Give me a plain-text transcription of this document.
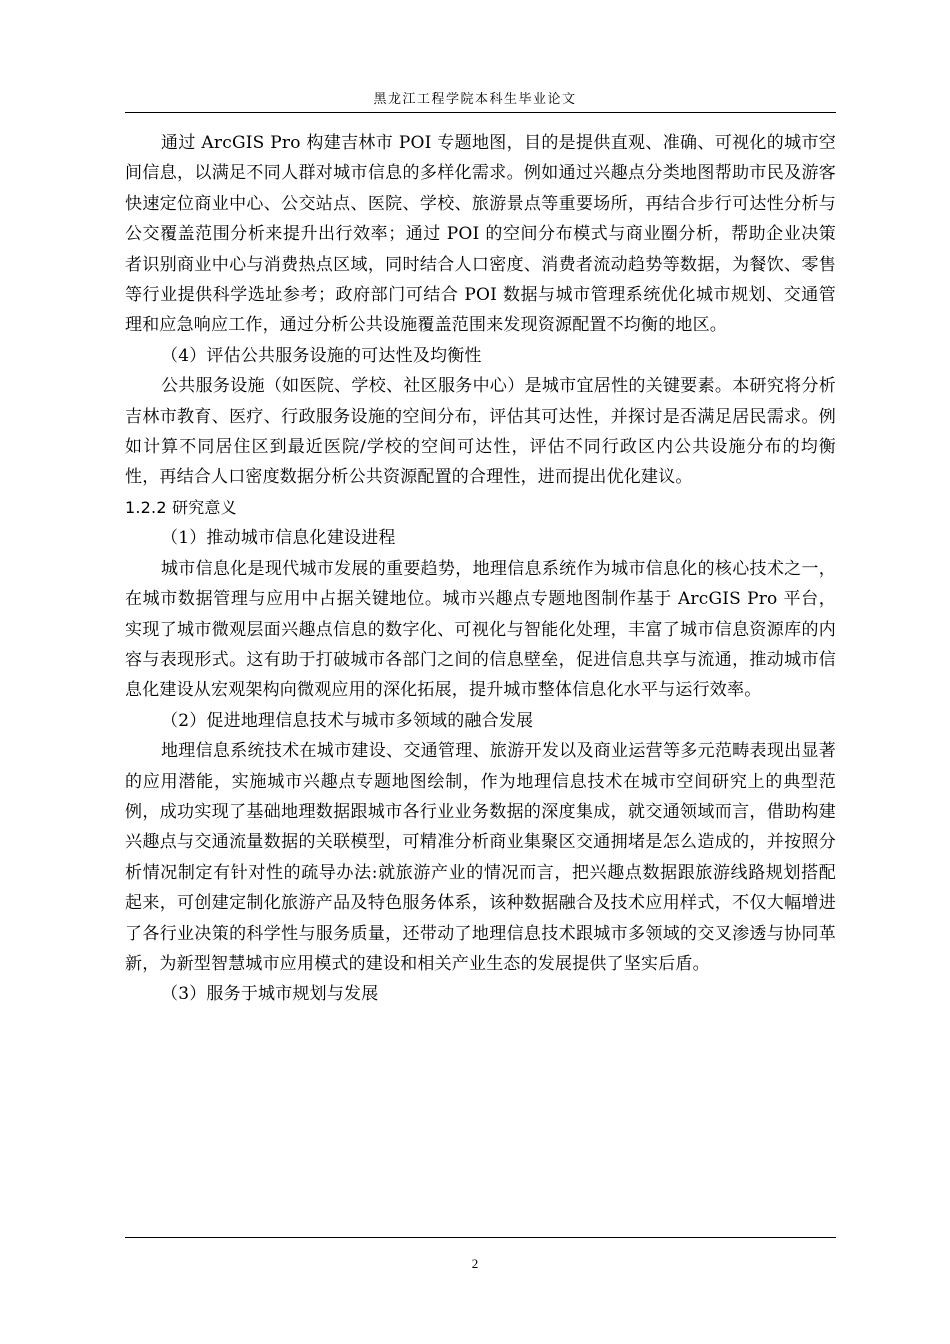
黑龙江工程学院本科生毕业论文

通过 ArcGIS Pro 构建吉林市 POI 专题地图，目的是提供直观、准确、可视化的城市空间信息，以满足不同人群对城市信息的多样化需求。例如通过兴趣点分类地图帮助市民及游客快速定位商业中心、公交站点、医院、学校、旅游景点等重要场所，再结合步行可达性分析与公交覆盖范围分析来提升出行效率；通过 POI 的空间分布模式与商业圈分析，帮助企业决策者识别商业中心与消费热点区域，同时结合人口密度、消费者流动趋势等数据，为餐饮、零售等行业提供科学选址参考；政府部门可结合 POI 数据与城市管理系统优化城市规划、交通管理和应急响应工作，通过分析公共设施覆盖范围来发现资源配置不均衡的地区。

（4）评估公共服务设施的可达性及均衡性

公共服务设施（如医院、学校、社区服务中心）是城市宜居性的关键要素。本研究将分析吉林市教育、医疗、行政服务设施的空间分布，评估其可达性，并探讨是否满足居民需求。例如计算不同居住区到最近医院/学校的空间可达性，评估不同行政区内公共设施分布的均衡性，再结合人口密度数据分析公共资源配置的合理性，进而提出优化建议。

1.2.2 研究意义

（1）推动城市信息化建设进程

城市信息化是现代城市发展的重要趋势，地理信息系统作为城市信息化的核心技术之一，在城市数据管理与应用中占据关键地位。城市兴趣点专题地图制作基于 ArcGIS Pro 平台，实现了城市微观层面兴趣点信息的数字化、可视化与智能化处理，丰富了城市信息资源库的内容与表现形式。这有助于打破城市各部门之间的信息壁垒，促进信息共享与流通，推动城市信息化建设从宏观架构向微观应用的深化拓展，提升城市整体信息化水平与运行效率。

（2）促进地理信息技术与城市多领域的融合发展

地理信息系统技术在城市建设、交通管理、旅游开发以及商业运营等多元范畴表现出显著的应用潜能，实施城市兴趣点专题地图绘制，作为地理信息技术在城市空间研究上的典型范例，成功实现了基础地理数据跟城市各行业业务数据的深度集成，就交通领域而言，借助构建兴趣点与交通流量数据的关联模型，可精准分析商业集聚区交通拥堵是怎么造成的，并按照分析情况制定有针对性的疏导办法:就旅游产业的情况而言，把兴趣点数据跟旅游线路规划搭配起来，可创建定制化旅游产品及特色服务体系，该种数据融合及技术应用样式，不仅大幅增进了各行业决策的科学性与服务质量，还带动了地理信息技术跟城市多领域的交叉渗透与协同革新，为新型智慧城市应用模式的建设和相关产业生态的发展提供了坚实后盾。

（3）服务于城市规划与发展

2
